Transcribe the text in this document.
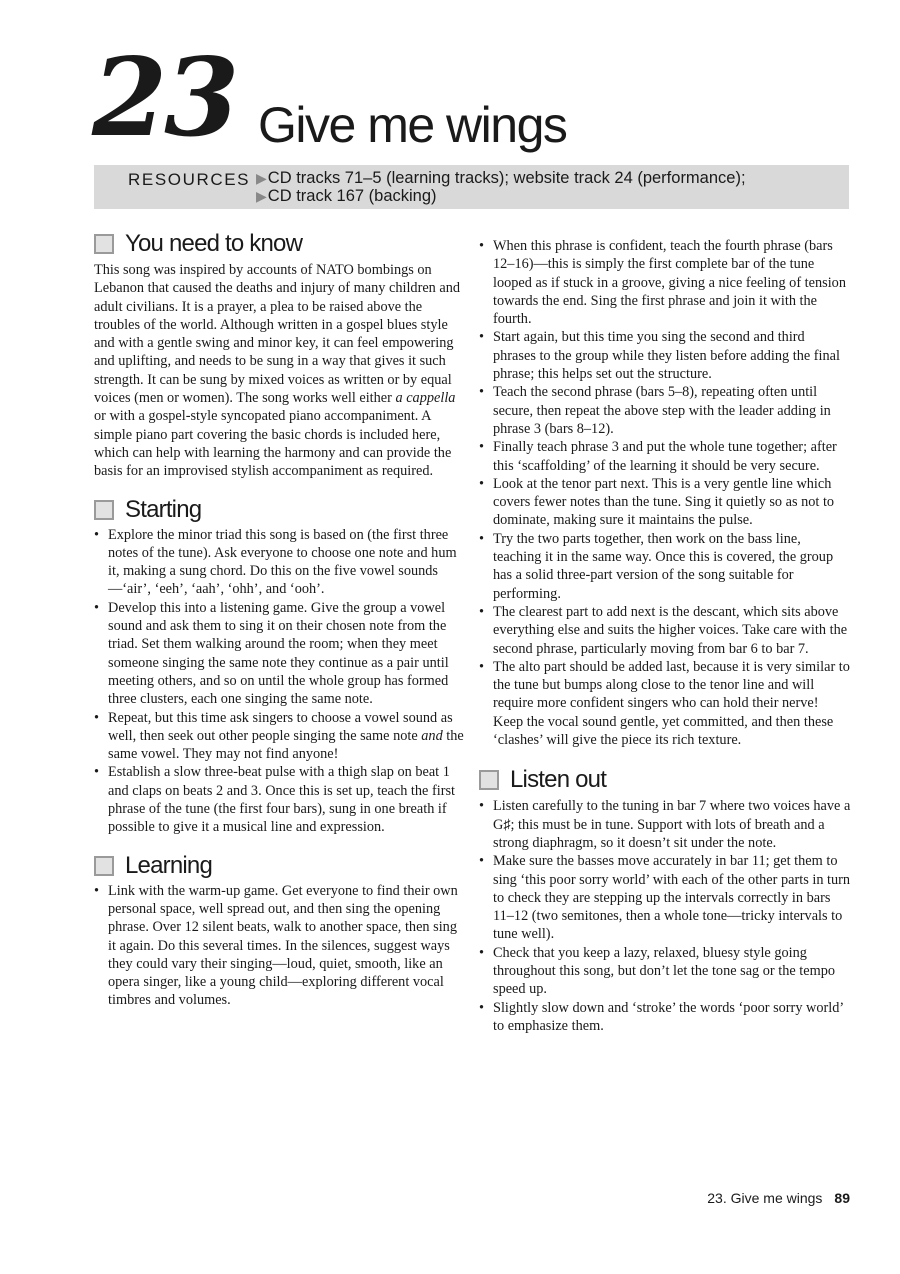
23 Give me wings
RESOURCES ▶CD tracks 71–5 (learning tracks); website track 24 (performance);
▶CD track 167 (backing)
You need to know

This song was inspired by accounts of NATO bombings on Lebanon that caused the deaths and injury of many children and adult civilians. It is a prayer, a plea to be raised above the troubles of the world. Although written in a gospel blues style and with a gentle swing and minor key, it can feel empowering and uplifting, and needs to be sung in a way that gives it such strength. It can be sung by mixed voices as written or by equal voices (men or women). The song works well either a cappella or with a gospel-style syncopated piano accompaniment. A simple piano part covering the basic chords is included here, which can help with learning the harmony and can provide the basis for an improvised stylish accompaniment as required.

Starting
• Explore the minor triad this song is based on (the first three notes of the tune). Ask everyone to choose one note and hum it, making a sung chord. Do this on the five vowel sounds—‘air’, ‘eeh’, ‘aah’, ‘ohh’, and ‘ooh’.
• Develop this into a listening game. Give the group a vowel sound and ask them to sing it on their chosen note from the triad. Set them walking around the room; when they meet someone singing the same note they continue as a pair until meeting others, and so on until the whole group has formed three clusters, each one singing the same note.
• Repeat, but this time ask singers to choose a vowel sound as well, then seek out other people singing the same note and the same vowel. They may not find anyone!
• Establish a slow three-beat pulse with a thigh slap on beat 1 and claps on beats 2 and 3. Once this is set up, teach the first phrase of the tune (the first four bars), sung in one breath if possible to give it a musical line and expression.
Learning
• Link with the warm-up game. Get everyone to find their own personal space, well spread out, and then sing the opening phrase. Over 12 silent beats, walk to another space, then sing it again. Do this several times. In the silences, suggest ways they could vary their singing—loud, quiet, smooth, like an opera singer, like a young child—exploring different vocal timbres and volumes.
• When this phrase is confident, teach the fourth phrase (bars 12–16)—this is simply the first complete bar of the tune looped as if stuck in a groove, giving a nice feeling of tension towards the end. Sing the first phrase and join it with the fourth.
• Start again, but this time you sing the second and third phrases to the group while they listen before adding the final phrase; this helps set out the structure.
• Teach the second phrase (bars 5–8), repeating often until secure, then repeat the above step with the leader adding in phrase 3 (bars 8–12).
• Finally teach phrase 3 and put the whole tune together; after this ‘scaffolding’ of the learning it should be very secure.
• Look at the tenor part next. This is a very gentle line which covers fewer notes than the tune. Sing it quietly so as not to dominate, making sure it maintains the pulse.
• Try the two parts together, then work on the bass line, teaching it in the same way. Once this is covered, the group has a solid three-part version of the song suitable for performing.
• The clearest part to add next is the descant, which sits above everything else and suits the higher voices. Take care with the second phrase, particularly moving from bar 6 to bar 7.
• The alto part should be added last, because it is very similar to the tune but bumps along close to the tenor line and will require more confident singers who can hold their nerve! Keep the vocal sound gentle, yet committed, and then these ‘clashes’ will give the piece its rich texture.
Listen out
• Listen carefully to the tuning in bar 7 where two voices have a G♯; this must be in tune. Support with lots of breath and a strong diaphragm, so it doesn’t sit under the note.
• Make sure the basses move accurately in bar 11; get them to sing ‘this poor sorry world’ with each of the other parts in turn to check they are stepping up the intervals correctly in bars 11–12 (two semitones, then a whole tone—tricky intervals to tune well).
• Check that you keep a lazy, relaxed, bluesy style going throughout this song, but don’t let the tone sag or the tempo speed up.
• Slightly slow down and ‘stroke’ the words ‘poor sorry world’ to emphasize them.
23. Give me wings 89
